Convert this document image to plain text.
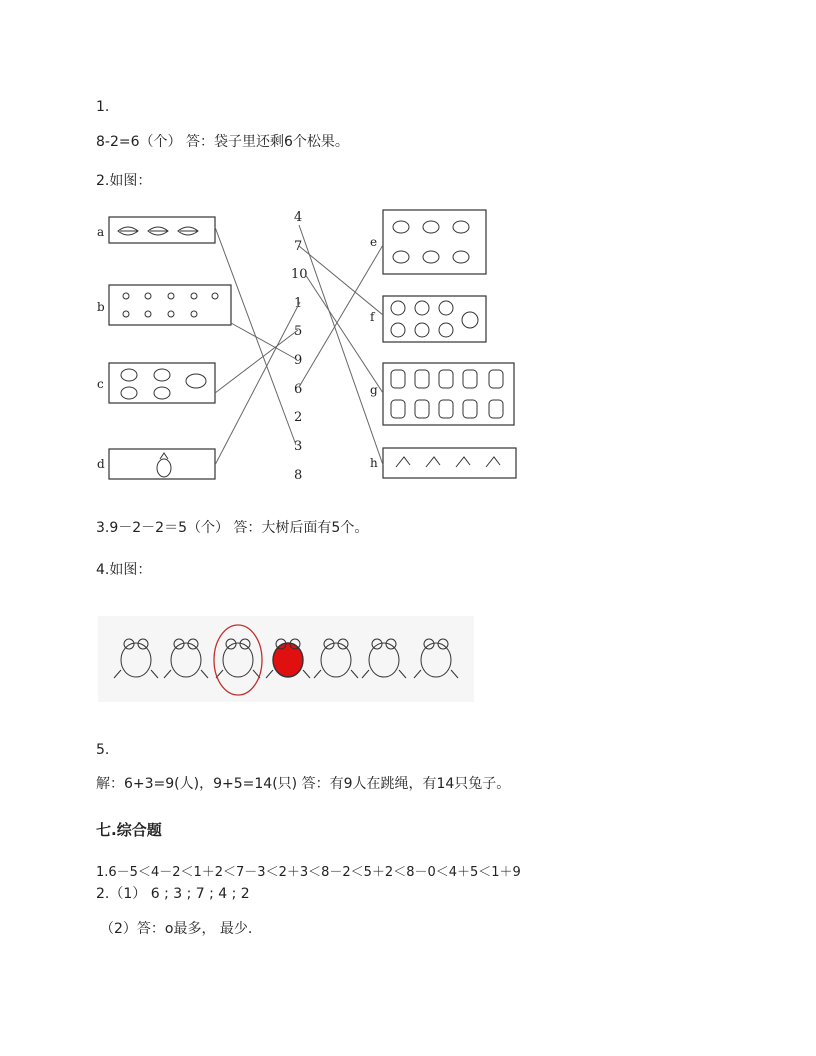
1.
8-2=6（个） 答：袋子里还剩6个松果。
2.如图：
a
b
c
d
4
7
10
1
5
9
6
2
3
8
e
f
g
h
3.9－2－2＝5（个） 答：大树后面有5个。
4.如图：
5.
解：6+3=9(人)，9+5=14(只) 答：有9人在跳绳，有14只兔子。
七.综合题
1.6－5＜4－2＜1＋2＜7－3＜2＋3＜8－2＜5＋2＜8－0＜4＋5＜1＋9
2.（1） 6 ; 3 ; 7 ; 4 ; 2
（2）答：o最多， 最少.
